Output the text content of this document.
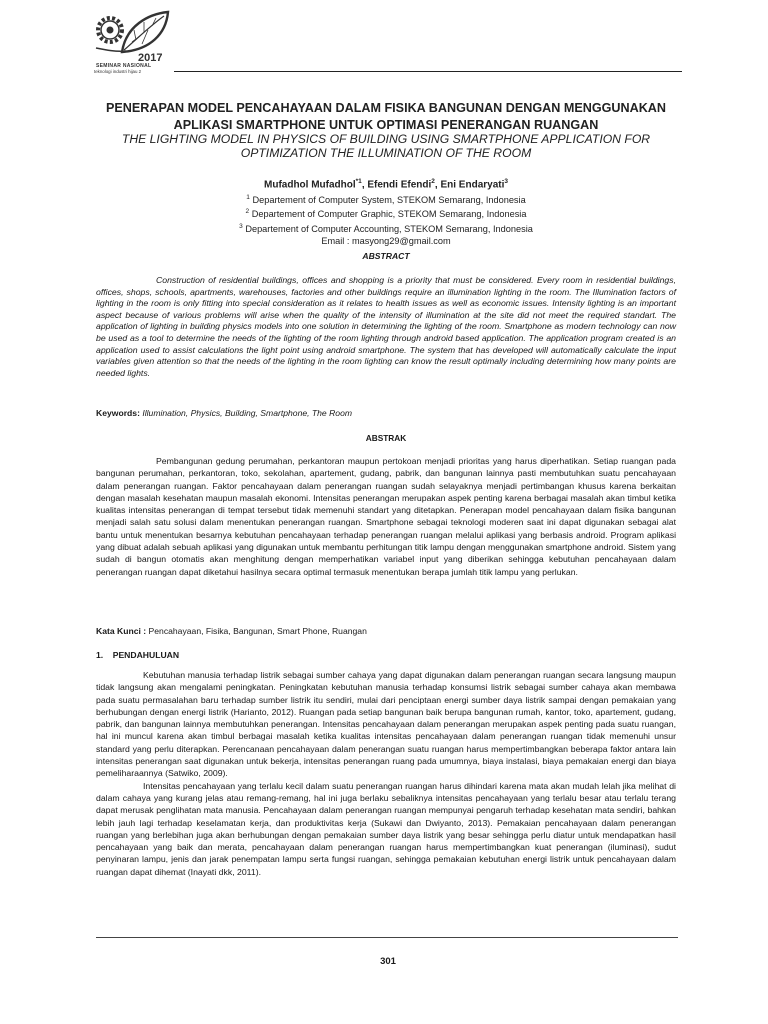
2017
SEMINAR NASIONAL
teknologi industri hijau 2
PENERAPAN MODEL PENCAHAYAAN DALAM FISIKA BANGUNAN DENGAN MENGGUNAKAN APLIKASI SMARTPHONE UNTUK OPTIMASI PENERANGAN RUANGAN
THE LIGHTING MODEL IN PHYSICS OF BUILDING USING SMARTPHONE APPLICATION FOR OPTIMIZATION THE ILLUMINATION OF THE ROOM
Mufadhol Mufadhol$^{*1}$, Efendi Efendi$^2$, Eni Endaryati$^3$
$^1$ Departement of Computer System, STEKOM Semarang, Indonesia
$^2$ Departement of Computer Graphic, STEKOM Semarang, Indonesia
$^3$ Departement of Computer Accounting, STEKOM Semarang, Indonesia
Email : masyong29@gmail.com
ABSTRACT
Construction of residential buildings, offices and shopping is a priority that must be considered. Every room in residential buildings, offices, shops, schools, apartments, warehouses, factories and other buildings require an illumination lighting in the room. The Illumination factors of lighting in the room is only fitting into special consideration as it relates to health issues as well as economic issues. Intensity lighting is an important aspect because of various problems will arise when the quality of the intensity of illumination at the site did not meet the required standart. The application of lighting in building physics models into one solution in determining the lighting of the room. Smartphone as modern technology can now be used as a tool to determine the needs of the lighting of the room lighting through android based application. The application program created is an application used to assist calculations the light point using android smartphone. The system that has developed will automatically calculate the input variables given attention so that the needs of the lighting in the room lighting can know the result optimally including determining how many points are needed lights.
Keywords: Illumination, Physics, Building, Smartphone, The Room
ABSTRAK
Pembangunan gedung perumahan, perkantoran maupun pertokoan menjadi prioritas yang harus diperhatikan. Setiap ruangan pada bangunan perumahan, perkantoran, toko, sekolahan, apartement, gudang, pabrik, dan bangunan lainnya pasti membutuhkan suatu pencahayaan dalam penerangan ruangan. Faktor pencahayaan dalam penerangan ruangan sudah selayaknya menjadi pertimbangan khusus karena berkaitan dengan masalah kesehatan maupun masalah ekonomi. Intensitas penerangan merupakan aspek penting karena berbagai masalah akan timbul ketika kualitas intensitas penerangan di tempat tersebut tidak memenuhi standart yang ditetapkan. Penerapan model pencahayaan dalam fisika bangunan menjadi salah satu solusi dalam menentukan penerangan ruangan. Smartphone sebagai teknologi moderen saat ini dapat digunakan sebagai alat bantu untuk menentukan besarnya kebutuhan pencahayaan terhadap penerangan ruangan melalui aplikasi yang berbasis android. Program aplikasi yang dibuat adalah sebuah aplikasi yang digunakan untuk membantu perhitungan titik lampu dengan menggunakan smartphone android. Sistem yang sudah di bangun otomatis akan menghitung dengan memperhatikan variabel input yang diberikan sehingga kebutuhan pencahayaan dalam penerangan ruangan dapat diketahui hasilnya secara optimal termasuk menentukan berapa jumlah titik lampu yang perlukan.
Kata Kunci : Pencahayaan, Fisika, Bangunan, Smart Phone, Ruangan
1.    PENDAHULUAN

Kebutuhan manusia terhadap listrik sebagai sumber cahaya yang dapat digunakan dalam penerangan ruangan secara langsung maupun tidak langsung akan mengalami peningkatan. Peningkatan kebutuhan manusia terhadap konsumsi listrik sebagai sumber cahaya akan membawa pada suatu permasalahan baru terhadap sumber listrik itu sendiri, mulai dari penciptaan energi sumber daya listrik sampai dengan pemakaian yang berhubungan dengan energi listrik (Harianto, 2012). Ruangan pada setiap bangunan baik berupa bangunan rumah, kantor, toko, apartement, gudang, pabrik, dan bangunan lainnya membutuhkan penerangan. Intensitas pencahayaan dalam penerangan merupakan aspek penting pada suatu ruangan, hal ini muncul karena akan timbul berbagai masalah ketika kualitas intensitas pencahayaan dalam penerangan ruangan tidak memenuhi unsur standard yang perlu diterapkan. Perencanaan pencahayaan dalam penerangan suatu ruangan harus mempertimbangkan beberapa faktor antara lain intensitas penerangan saat digunakan untuk bekerja, intensitas penerangan ruang pada umumnya, biaya instalasi, biaya pemakaian energi dan biaya pemeliharaannya (Satwiko, 2009).

Intensitas pencahayaan yang terlalu kecil dalam suatu penerangan ruangan harus dihindari karena mata akan mudah lelah jika melihat di dalam cahaya yang kurang jelas atau remang-remang, hal ini juga berlaku sebaliknya intensitas pencahayaan yang terlalu besar atau terlalu terang dapat merusak penglihatan mata manusia. Pencahayaan dalam penerangan ruangan mempunyai pengaruh terhadap kesehatan mata sendiri, bahkan lebih jauh lagi terhadap keselamatan kerja, dan produktivitas kerja (Sukawi dan Dwiyanto, 2013). Pemakaian pencahayaan dalam penerangan ruangan yang berlebihan juga akan berhubungan dengan pemakaian sumber daya listrik yang besar sehingga perlu diatur untuk mendapatkan hasil pencahayaan yang baik dan merata, pencahayaan dalam penerangan ruangan harus mempertimbangkan kuat penerangan (iluminasi), sudut penyinaran lampu, jenis dan jarak penempatan lampu serta fungsi ruangan, sehingga pemakaian kebutuhan energi listrik untuk pencahayaan dalam ruangan dapat dihemat (Inayati dkk, 2011).

301
